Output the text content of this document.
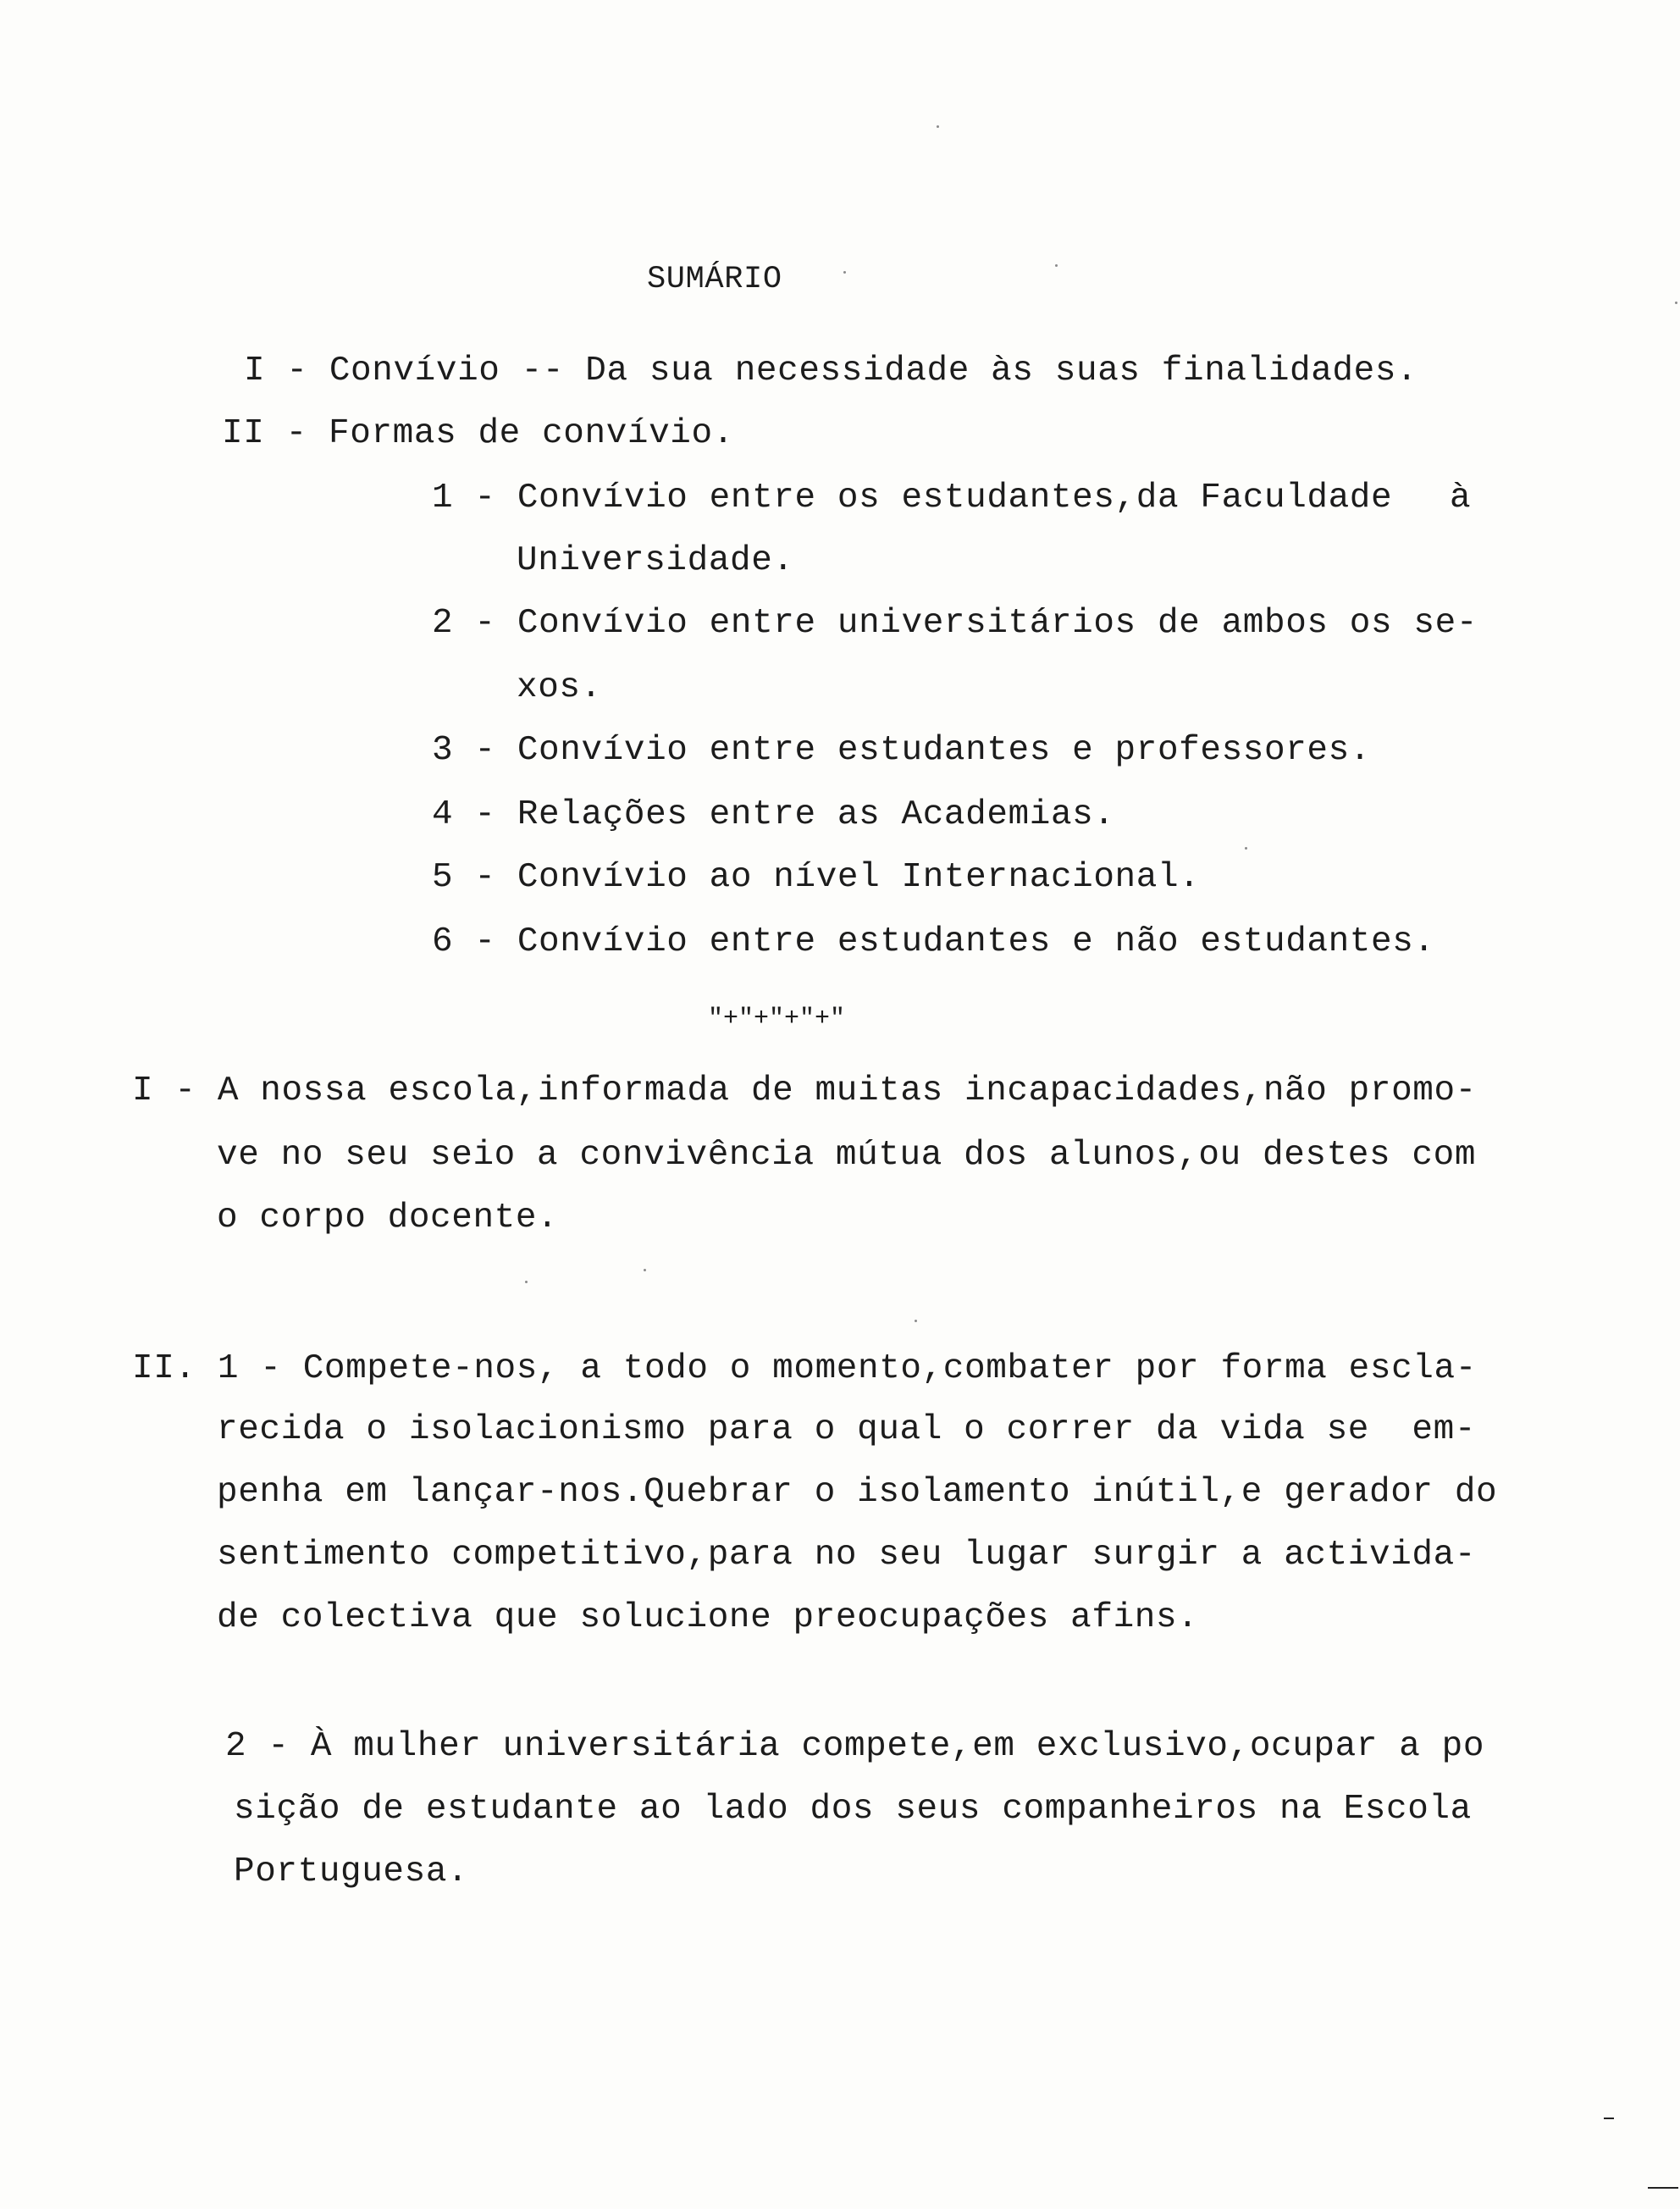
SUMÁRIO
I - Convívio -- Da sua necessidade às suas finalidades.
II - Formas de convívio.
1 - Convívio entre os estudantes,da Faculdade à
Universidade.
2 - Convívio entre universitários de ambos os se-
xos.
3 - Convívio entre estudantes e professores.
4 - Relações entre as Academias.
5 - Convívio ao nível Internacional.
6 - Convívio entre estudantes e não estudantes.
"+"+"+"+"
I - A nossa escola,informada de muitas incapacidades,não promo-
ve no seu seio a convivência mútua dos alunos,ou destes com
o corpo docente.
II. 1 - Compete-nos, a todo o momento,combater por forma escla-
recida o isolacionismo para o qual o correr da vida se  em-
penha em lançar-nos.Quebrar o isolamento inútil,e gerador do
sentimento competitivo,para no seu lugar surgir a activida-
de colectiva que solucione preocupações afins.
2 - À mulher universitária compete,em exclusivo,ocupar a po
sição de estudante ao lado dos seus companheiros na Escola
Portuguesa.
